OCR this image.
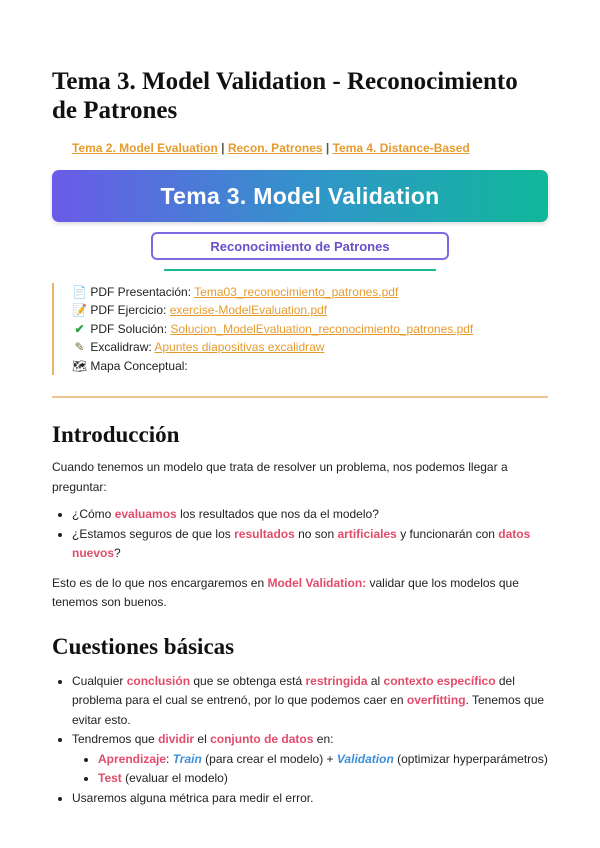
Tema 3. Model Validation - Reconocimiento de Patrones
Tema 2. Model Evaluation | Recon. Patrones | Tema 4. Distance-Based
Tema 3. Model Validation
Reconocimiento de Patrones
📄 PDF Presentación: Tema03_reconocimiento_patrones.pdf
📝 PDF Ejercicio: exercise-ModelEvaluation.pdf
✔ PDF Solución: Solucion_ModelEvaluation_reconocimiento_patrones.pdf
✎ Excalidraw: Apuntes diapositivas excalidraw
🗺 Mapa Conceptual:
Introducción

Cuando tenemos un modelo que trata de resolver un problema, nos podemos llegar a preguntar:

• ¿Cómo evaluamos los resultados que nos da el modelo?
• ¿Estamos seguros de que los resultados no son artificiales y funcionarán con datos nuevos?

Esto es de lo que nos encargaremos en Model Validation: validar que los modelos que tenemos son buenos.

Cuestiones básicas
• Cualquier conclusión que se obtenga está restringida al contexto específico del problema para el cual se entrenó, por lo que podemos caer en overfitting. Tenemos que evitar esto.
• Tendremos que dividir el conjunto de datos en:
• Aprendizaje: Train (para crear el modelo) + Validation (optimizar hyperparámetros)
• Test (evaluar el modelo)
• Usaremos alguna métrica para medir el error.
